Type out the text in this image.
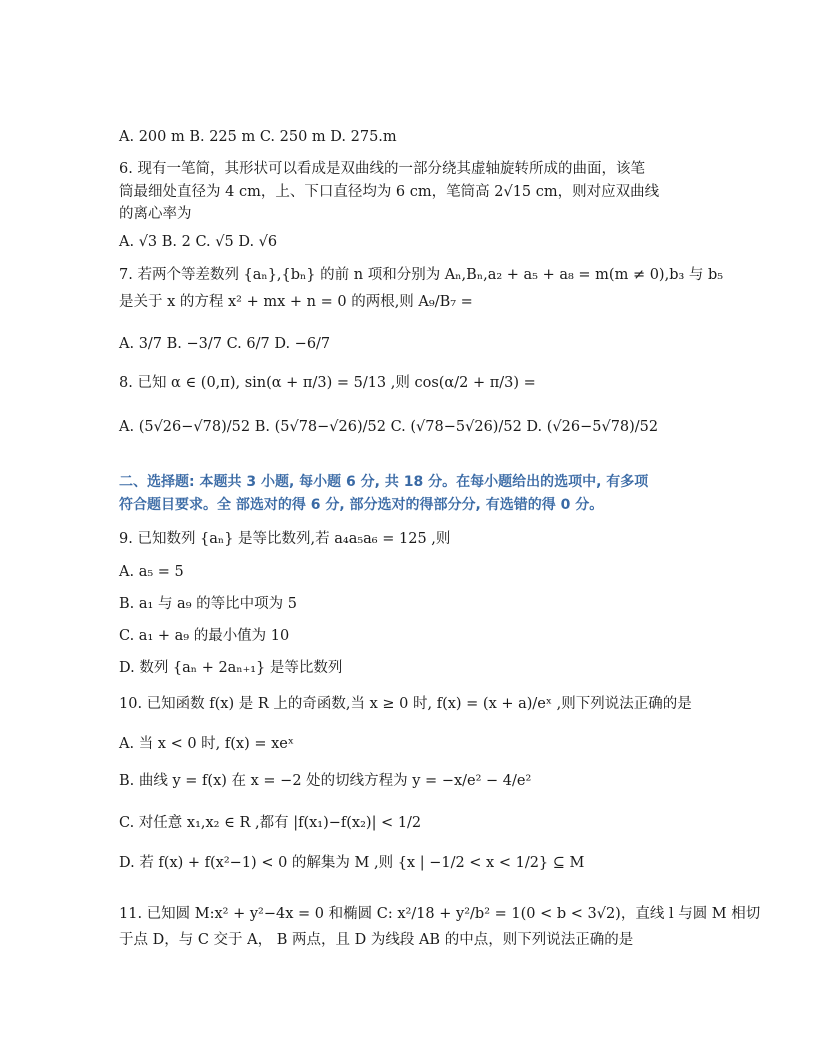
A. 200 m B. 225 m C. 250 m D. 275.m
6. 现有一笔简，其形状可以看成是双曲线的一部分绕其虚轴旋转所成的曲面，该笔
筒最细处直径为 4 cm，上、下口直径均为 6 cm，笔筒高 2√15 cm，则对应双曲线
的离心率为
A. √3 B. 2 C. √5 D. √6
7. 若两个等差数列 {aₙ},{bₙ} 的前 n 项和分别为 Aₙ,Bₙ,a₂ + a₅ + a₈ = m(m ≠ 0),b₃ 与 b₅
是关于 x 的方程 x² + mx + n = 0 的两根,则 A₉/B₇ =
A. 3/7 B. −3/7 C. 6/7 D. −6/7
8. 已知 α ∈ (0,π), sin(α + π/3) = 5/13 ,则 cos(α/2 + π/3) =
A. (5√26−√78)/52 B. (5√78−√26)/52 C. (√78−5√26)/52 D. (√26−5√78)/52
二、选择题: 本题共 3 小题, 每小题 6 分, 共 18 分。在每小题给出的选项中, 有多项
符合题目要求。全 部选对的得 6 分, 部分选对的得部分分, 有选错的得 0 分。
9. 已知数列 {aₙ} 是等比数列,若 a₄a₅a₆ = 125 ,则
A. a₅ = 5
B. a₁ 与 a₉ 的等比中项为 5
C. a₁ + a₉ 的最小值为 10
D. 数列 {aₙ + 2aₙ₊₁} 是等比数列
10. 已知函数 f(x) 是 R 上的奇函数,当 x ≥ 0 时, f(x) = (x + a)/eˣ ,则下列说法正确的是
A. 当 x < 0 时, f(x) = xeˣ
B. 曲线 y = f(x) 在 x = −2 处的切线方程为 y = −x/e² − 4/e²
C. 对任意 x₁,x₂ ∈ R ,都有 |f(x₁)−f(x₂)| < 1/2
D. 若 f(x) + f(x²−1) < 0 的解集为 M ,则 {x | −1/2 < x < 1/2} ⊆ M
11. 已知圆 M:x² + y²−4x = 0 和椭圆 C: x²/18 + y²/b² = 1(0 < b < 3√2)，直线 l 与圆 M 相切
于点 D，与 C 交于 A， B 两点，且 D 为线段 AB 的中点，则下列说法正确的是
